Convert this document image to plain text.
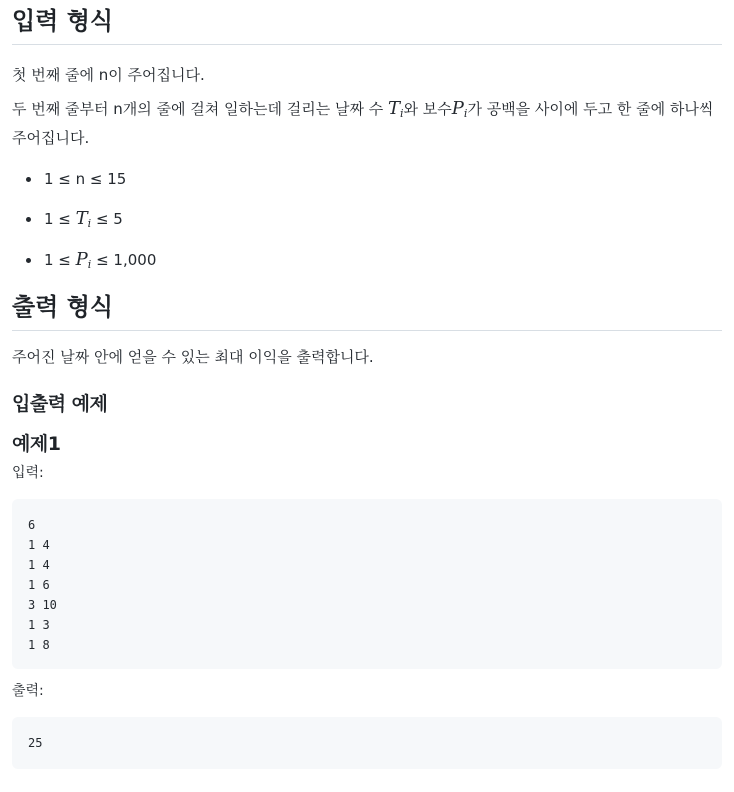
입력 형식

첫 번째 줄에 n이 주어집니다.

두 번째 줄부터 n개의 줄에 걸쳐 일하는데 걸리는 날짜 수 $T_i$와 보수$P_i$가 공백을 사이에 두고 한 줄에 하나씩 주어집니다.

1 ≤ n ≤ 15
$1 \le T_i \le 5$
$1 \le P_i \le 1,000$
출력 형식

주어진 날짜 안에 얻을 수 있는 최대 이익을 출력합니다.

입출력 예제
예제1
입력:
6
1 4
1 4
1 6
3 10
1 3
1 8
출력:
25
